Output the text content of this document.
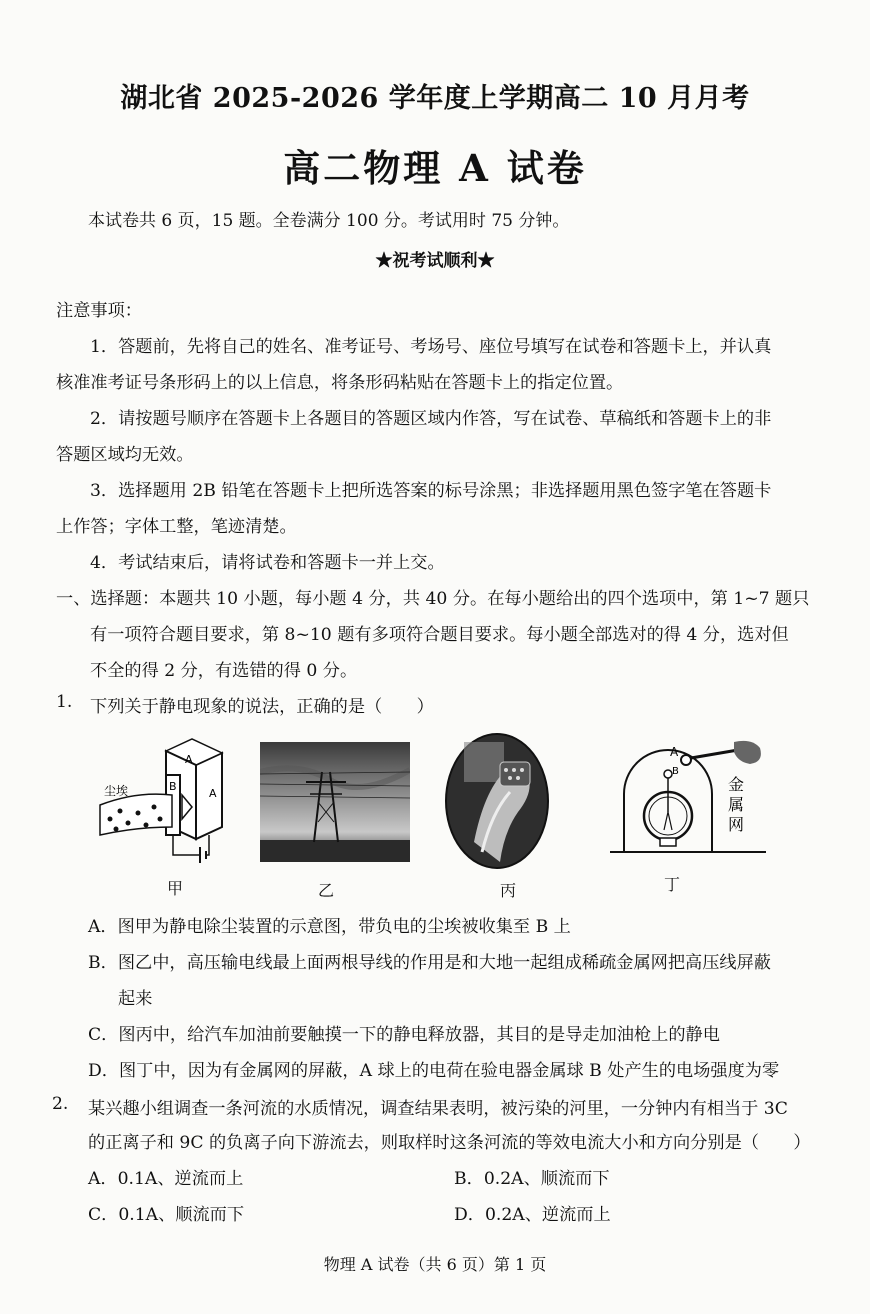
湖北省 2025-2026 学年度上学期高二 10 月月考
高二物理 A 试卷
本试卷共 6 页，15 题。全卷满分 100 分。考试用时 75 分钟。
★祝考试顺利★
注意事项：
1．答题前，先将自己的姓名、准考证号、考场号、座位号填写在试卷和答题卡上，并认真
核准准考证号条形码上的以上信息，将条形码粘贴在答题卡上的指定位置。
2．请按题号顺序在答题卡上各题目的答题区域内作答，写在试卷、草稿纸和答题卡上的非
答题区域均无效。
3．选择题用 2B 铅笔在答题卡上把所选答案的标号涂黑；非选择题用黑色签字笔在答题卡
上作答；字体工整，笔迹清楚。
4．考试结束后，请将试卷和答题卡一并上交。
一、选择题：本题共 10 小题，每小题 4 分，共 40 分。在每小题给出的四个选项中，第 1~7 题只
有一项符合题目要求，第 8~10 题有多项符合题目要求。每小题全部选对的得 4 分，选对但
不全的得 2 分，有选错的得 0 分。
1. 下列关于静电现象的说法，正确的是（　　）
尘埃
A
A
B
A
B
金
属
网
甲	乙	丙	丁
A．图甲为静电除尘装置的示意图，带负电的尘埃被收集至 B 上
B．图乙中，高压输电线最上面两根导线的作用是和大地一起组成稀疏金属网把高压线屏蔽
起来
C．图丙中，给汽车加油前要触摸一下的静电释放器，其目的是导走加油枪上的静电
D．图丁中，因为有金属网的屏蔽，A 球上的电荷在验电器金属球 B 处产生的电场强度为零
2. 某兴趣小组调查一条河流的水质情况，调查结果表明，被污染的河里，一分钟内有相当于 3C
的正离子和 9C 的负离子向下游流去，则取样时这条河流的等效电流大小和方向分别是（　　）
A．0.1A、逆流而上	B．0.2A、顺流而下
C．0.1A、顺流而下	D．0.2A、逆流而上
物理 A 试卷（共 6 页）第 1 页
